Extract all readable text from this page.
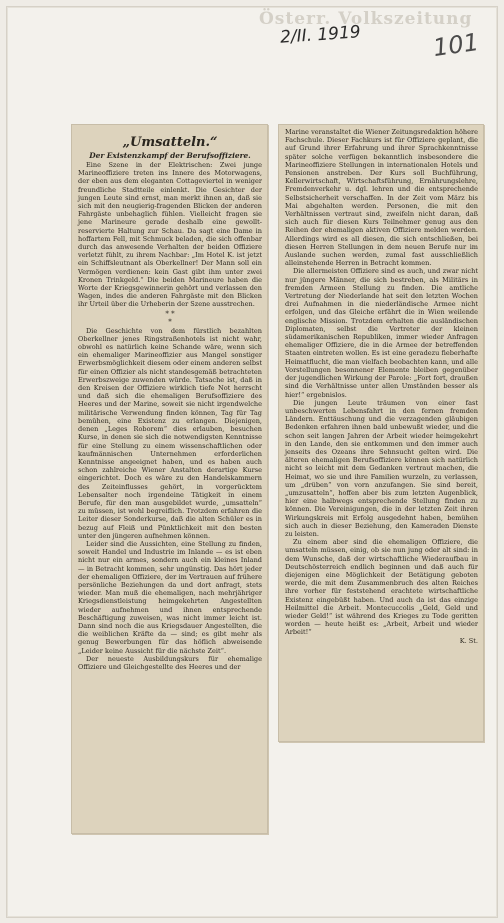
Österr. Volkszeitung
2/II. 1919	101
„Umsatteln.“
Der Existenzkampf der Berufsoffiziere.

Eine Szene in der Elektrischen: Zwei junge Marineoffiziere treten ins Innere des Motorwagens, der eben aus dem eleganten Cottageviertel in weniger freundliche Stadtteile einlenkt. Die Gesichter der jungen Leute sind ernst, man merkt ihnen an, daß sie sich mit den neugierig-fragenden Blicken der anderen Fahrgäste unbehaglich fühlen. Vielleicht fragen sie jene Marineure gerade deshalb eine gewollt-reservierte Haltung zur Schau. Da sagt eine Dame in hoffartem Fell, mit Schmuck beladen, die sich offenbar durch das anwesende Verhalten der beiden Offiziere verletzt fühlt, zu ihrem Nachbar: „Im Hotel K. ist jetzt ein Schiffsleutnant als Oberkellner! Der Mann soll ein Vermögen verdienen: kein Gast gibt ihm unter zwei Kronen Trinkgeld.“ Die beiden Marineure haben die Worte der Kriegsgewinnerin gehört und verlassen den Wagen, indes die anderen Fahrgäste mit den Blicken ihr Urteil über die Urheberin der Szene ausstrechen.

* *
*

Die Geschichte von dem fürstlich bezahlten Oberkellner jenes Ringstraßenhotels ist nicht wahr, obwohl es natürlich keine Schande wäre, wenn sich ein ehemaliger Marineoffizier aus Mangel sonstiger Erwerbsmöglichkeit diesem oder einem anderen selbst für einen Offizier als nicht standesgemäß betrachteten Erwerbszweige zuwenden würde. Tatsache ist, daß in den Kreisen der Offiziere wirklich tiefe Not herrscht und daß sich die ehemaligen Berufsoffiziere des Heeres und der Marine, soweit sie nicht irgendwelche militärische Verwendung finden können, Tag für Tag bemühen, eine Existenz zu erlangen. Diejenigen, denen „Leges Roborem“ dies erlauben, besuchen Kurse, in denen sie sich die notwendigsten Kenntnisse für eine Stellung zu einem wissenschaftlichen oder kaufmännischen Unternehmen erforderlichen Kenntnisse angeeignet haben, und es haben auch schon zahlreiche Wiener Anstalten derartige Kurse eingerichtet. Doch es wäre zu den Handelskammern des Zeiteinflusses gehört, in vorgerücktem Lebensalter noch irgendeine Tätigkeit in einem Berufe, für den man ausgebildet wurde, „umsatteln“ zu müssen, ist wohl begreiflich. Trotzdem erfahren die Leiter dieser Sonderkurse, daß die alten Schüler es in bezug auf Fleiß und Pünktlichkeit mit den besten unter den jüngeren aufnehmen können.

Leider sind die Aussichten, eine Stellung zu finden, soweit Handel und Industrie im Inlande — es ist eben nicht nur ein armes, sondern auch ein kleines Inland — in Betracht kommen, sehr ungünstig. Das hört jeder der ehemaligen Offiziere, der im Vertrauen auf frühere persönliche Beziehungen da und dort anfragt, stets wieder. Man muß die ehemaligen, nach mehrjähriger Kriegsdienstleistung heimgekehrten Angestellten wieder aufnehmen und ihnen entsprechende Beschäftigung zuweisen, was nicht immer leicht ist. Dann sind noch die aus Kriegsdauer Angestellten, die die weiblichen Kräfte da — sind; es gibt mehr als genug Bewerbungen für das höflich abweisende „Leider keine Aussicht für die nächste Zeit“.

Der neueste Ausbildungskurs für ehemalige Offiziere und Gleichgestellte des Heeres und der

Marine veranstaltet die Wiener Zeitungsredaktion höhere Fachschule. Dieser Fachkurs ist für Offiziere geplant, die auf Grund ihrer Erfahrung und ihrer Sprachkenntnisse später solche verfügen bekanntlich insbesondere die Marineoffiziere Stellungen in internationalen Hotels und Pensionen anstreben. Der Kurs soll Buchführung, Kellerwirtschaft, Wirtschaftsführung, Ernährungslehre, Fremdenverkehr u. dgl. lehren und die entsprechende Selbstsicherheit verschaffen. In der Zeit vom März bis Mai abgehalten werden. Personen, die mit den Verhältnissen vertraut sind, zweifeln nicht daran, daß sich auch für diesen Kurs Teilnehmer genug aus den Reihen der ehemaligen aktiven Offiziere melden werden. Allerdings wird es all diesen, die sich entschließen, bei diesen Herren Stellungen in dem neuen Berufe nur im Auslande suchen werden, zumal fast ausschließlich alleinstehende Herren in Betracht kommen.

Die allermeisten Offiziere sind es auch, und zwar nicht nur jüngere Männer, die sich bestreben, als Militärs in fremden Armeen Stellung zu finden. Die amtliche Vertretung der Niederlande hat seit den letzten Wochen drei Aufnahmen in die niederländische Armee nicht erfolgen, und das Gleiche erfährt die in Wien weilende englische Mission. Trotzdem erhalten die ausländischen Diplomaten, selbst die Vertreter der kleinen südamerikanischen Republiken, immer wieder Anfragen ehemaliger Offiziere, die in die Armee der betreffenden Staaten eintreten wollen. Es ist eine geradezu fieberhafte Heimatflucht, die man vielfach beobachten kann, und alle Vorstellungen besonnener Elemente bleiben gegenüber der jugendlichen Wirkung der Parole: „Fort fort, draußen sind die Verhältnisse unter allen Umständen besser als hier!“ ergebnislos.

Die jungen Leute träumen von einer fast unbeschwerten Lebensfahrt in den fernen fremden Ländern. Enttäuschung und die verzagenden gläubigen Bedenken erfahren ihnen bald unbewußt wieder, und die schon seit langen Jahren der Arbeit wieder heimgekehrt in den Lande, den sie entkommen und den immer auch jenseits des Ozeans ihre Sehnsucht gelten wird. Die älteren ehemaligen Berufsoffiziere können sich natürlich nicht so leicht mit dem Gedanken vertraut machen, die Heimat, wo sie und ihre Familien wurzeln, zu verlassen, um „drüben“ von vorn anzufangen. Sie sind bereit, „umzusatteln“, hoffen aber bis zum letzten Augenblick, hier eine halbwegs entsprechende Stellung finden zu können. Die Vereinigungen, die in der letzten Zeit ihren Wirkungskreis mit Erfolg ausgedehnt haben, bemühen sich auch in dieser Beziehung, den Kameraden Dienste zu leisten.

Zu einem aber sind die ehemaligen Offiziere, die umsatteln müssen, einig, ob sie nun jung oder alt sind: in dem Wunsche, daß der wirtschaftliche Wiederaufbau in Deutschösterreich endlich beginnen und daß auch für diejenigen eine Möglichkeit der Betätigung geboten werde, die mit dem Zusammenbruch des alten Reiches ihre vorher für feststehend erachtete wirtschaftliche Existenz eingebüßt haben. Und auch da ist das einzige Heilmittel die Arbeit. Montecuccolis „Geld, Geld und wieder Geld!“ ist während des Krieges zu Tode geritten worden — heute heißt es: „Arbeit, Arbeit und wieder Arbeit!“

K. St.
